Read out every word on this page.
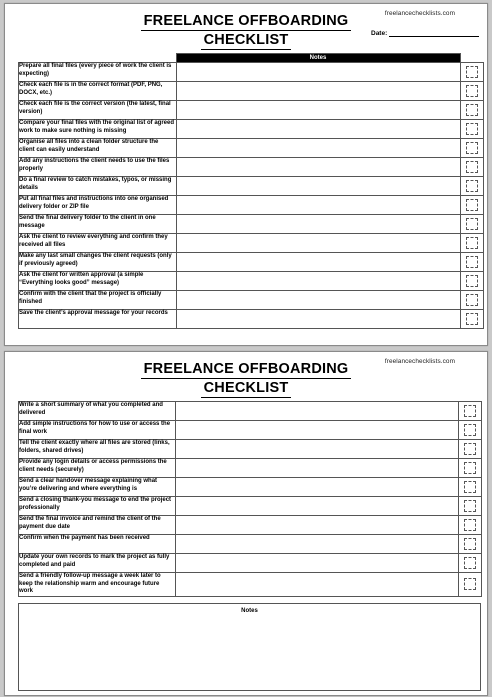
freelancechecklists.com
FREELANCE OFFBOARDING
CHECKLIST	Date:
	Notes	
Prepare all final files (every piece of work the client is expecting)		
Check each file is in the correct format (PDF, PNG, DOCX, etc.)		
Check each file is the correct version (the latest, final version)		
Compare your final files with the original list of agreed work to make sure nothing is missing		
Organise all files into a clean folder structure the client can easily understand		
Add any instructions the client needs to use the files properly		
Do a final review to catch mistakes, typos, or missing details		
Put all final files and instructions into one organised delivery folder or ZIP file		
Send the final delivery folder to the client in one message		
Ask the client to review everything and confirm they received all files		
Make any last small changes the client requests (only if previously agreed)		
Ask the client for written approval (a simple “Everything looks good” message)		
Confirm with the client that the project is officially finished		
Save the client’s approval message for your records		
freelancechecklists.com
FREELANCE OFFBOARDING
CHECKLIST
Write a short summary of what you completed and delivered		
Add simple instructions for how to use or access the final work		
Tell the client exactly where all files are stored (links, folders, shared drives)		
Provide any login details or access permissions the client needs (securely)		
Send a clear handover message explaining what you’re delivering and where everything is		
Send a closing thank-you message to end the project professionally		
Send the final invoice and remind the client of the payment due date		
Confirm when the payment has been received		
Update your own records to mark the project as fully completed and paid		
Send a friendly follow-up message a week later to keep the relationship warm and encourage future work		
Notes
